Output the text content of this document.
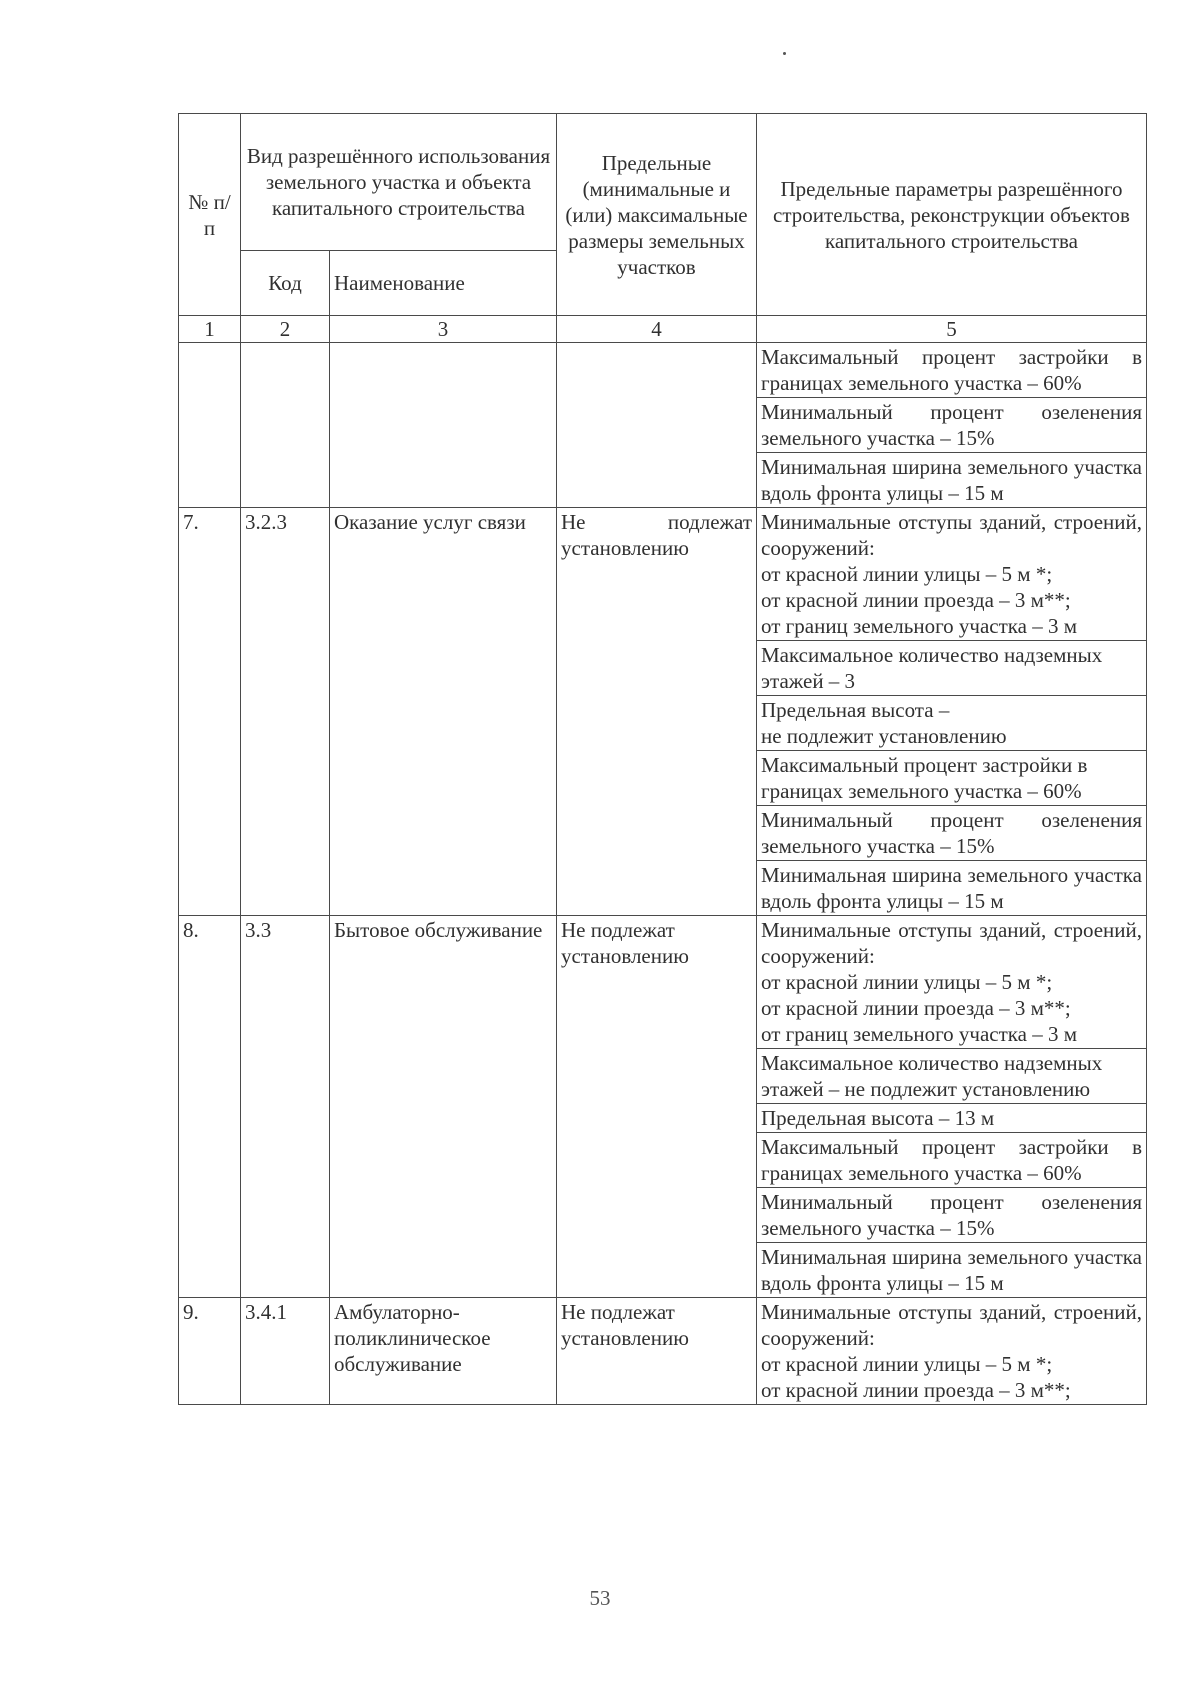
№ п/п	Вид разрешённого использования земельного участка и объекта капитального строительства		Предельные (минимальные и (или) максимальные размеры земельных участков	Предельные параметры разрешённого строительства, реконструкции объектов капитального строительства
	Код	Наименование		
1	2	3	4	5
				Максимальный процент застройки в границах земельного участка – 60%
				Минимальный процент озеленения земельного участка – 15%
				Минимальная ширина земельного участка вдоль фронта улицы – 15 м
7.	3.2.3	Оказание услуг связи	Не подлежат установлению	Минимальные отступы зданий, строений, сооружений:
от красной линии улицы – 5 м *;
от красной линии проезда – 3 м**;
от границ земельного участка – 3 м

				Максимальное количество надземных этажей – 3

				Предельная высота –
не подлежит установлению

				Максимальный процент застройки в границах земельного участка – 60%
				Минимальный процент озеленения земельного участка – 15%
				Минимальная ширина земельного участка вдоль фронта улицы – 15 м
8.	3.3	Бытовое обслуживание	Не подлежат установлению	Минимальные отступы зданий, строений, сооружений:
от красной линии улицы – 5 м *;
от красной линии проезда – 3 м**;
от границ земельного участка – 3 м

				Максимальное количество надземных этажей – не подлежит установлению
				Предельная высота – 13 м
				Максимальный процент застройки в границах земельного участка – 60%
				Минимальный процент озеленения земельного участка – 15%
				Минимальная ширина земельного участка вдоль фронта улицы – 15 м
9.	3.4.1	Амбулаторно-поликлиническое обслуживание	Не подлежат установлению	Минимальные отступы зданий, строений, сооружений:
от красной линии улицы – 5 м *;
от красной линии проезда – 3 м**;
53
